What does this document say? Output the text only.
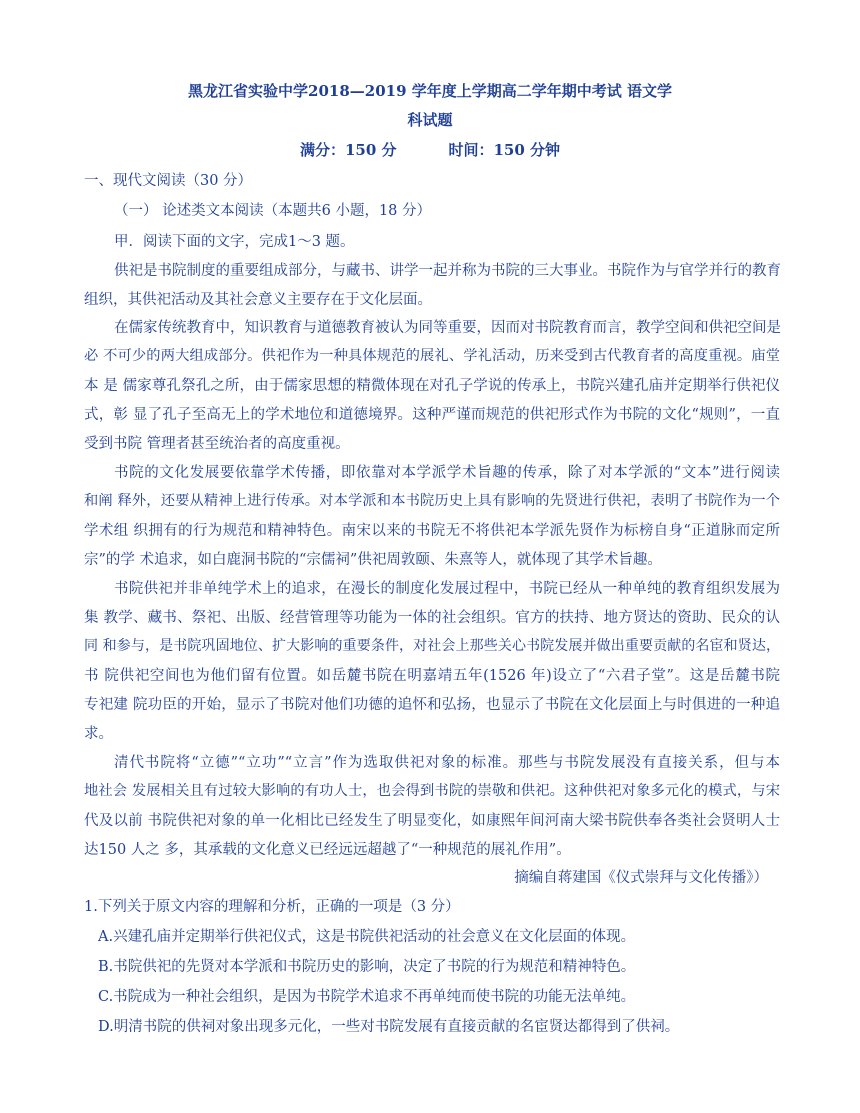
黑龙江省实验中学2018—2019 学年度上学期高二学年期中考试 语文学
科试题
满分：150 分	时间：150 分钟
一、现代文阅读（30 分）
（一） 论述类文本阅读（本题共6 小题，18 分）
甲．阅读下面的文字，完成1～3 题。
供祀是书院制度的重要组成部分，与藏书、讲学一起并称为书院的三大事业。书院作为与官学并行的教育
组织，其供祀活动及其社会意义主要存在于文化层面。
在儒家传统教育中，知识教育与道德教育被认为同等重要，因而对书院教育而言，教学空间和供祀空间是
必 不可少的两大组成部分。供祀作为一种具体规范的展礼、学礼活动，历来受到古代教育者的高度重视。庙堂
本 是 儒家尊孔祭孔之所，由于儒家思想的精微体现在对孔子学说的传承上，书院兴建孔庙并定期举行供祀仪
式，彰 显了孔子至高无上的学术地位和道德境界。这种严谨而规范的供祀形式作为书院的文化“规则”，一直
受到书院 管理者甚至统治者的高度重视。
书院的文化发展要依靠学术传播，即依靠对本学派学术旨趣的传承，除了对本学派的“文本”进行阅读
和阐 释外，还要从精神上进行传承。对本学派和本书院历史上具有影响的先贤进行供祀，表明了书院作为一个
学术组 织拥有的行为规范和精神特色。南宋以来的书院无不将供祀本学派先贤作为标榜自身“正道脉而定所
宗”的学 术追求，如白鹿洞书院的“宗儒祠”供祀周敦颐、朱熹等人，就体现了其学术旨趣。
书院供祀并非单纯学术上的追求，在漫长的制度化发展过程中，书院已经从一种单纯的教育组织发展为
集 教学、藏书、祭祀、出版、经营管理等功能为一体的社会组织。官方的扶持、地方贤达的资助、民众的认
同 和参与，是书院巩固地位、扩大影响的重要条件，对社会上那些关心书院发展并做出重要贡献的名宦和贤达，
书 院供祀空间也为他们留有位置。如岳麓书院在明嘉靖五年(1526 年)设立了“六君子堂”。这是岳麓书院
专祀建 院功臣的开始，显示了书院对他们功德的追怀和弘扬，也显示了书院在文化层面上与时俱进的一种追
求。
清代书院将“立德”“立功”“立言”作为选取供祀对象的标准。那些与书院发展没有直接关系，但与本
地社会 发展相关且有过较大影响的有功人士，也会得到书院的崇敬和供祀。这种供祀对象多元化的模式，与宋
代及以前 书院供祀对象的单一化相比已经发生了明显变化，如康熙年间河南大梁书院供奉各类社会贤明人士
达150 人之 多，其承载的文化意义已经远远超越了“一种规范的展礼作用”。
摘编自蒋建国《仪式崇拜与文化传播》）
1.下列关于原文内容的理解和分析，正确的一项是（3 分）
A.兴建孔庙并定期举行供祀仪式，这是书院供祀活动的社会意义在文化层面的体现。
B.书院供祀的先贤对本学派和书院历史的影响，决定了书院的行为规范和精神特色。
C.书院成为一种社会组织，是因为书院学术追求不再单纯而使书院的功能无法单纯。
D.明清书院的供祠对象出现多元化，一些对书院发展有直接贡献的名宦贤达都得到了供祠。
